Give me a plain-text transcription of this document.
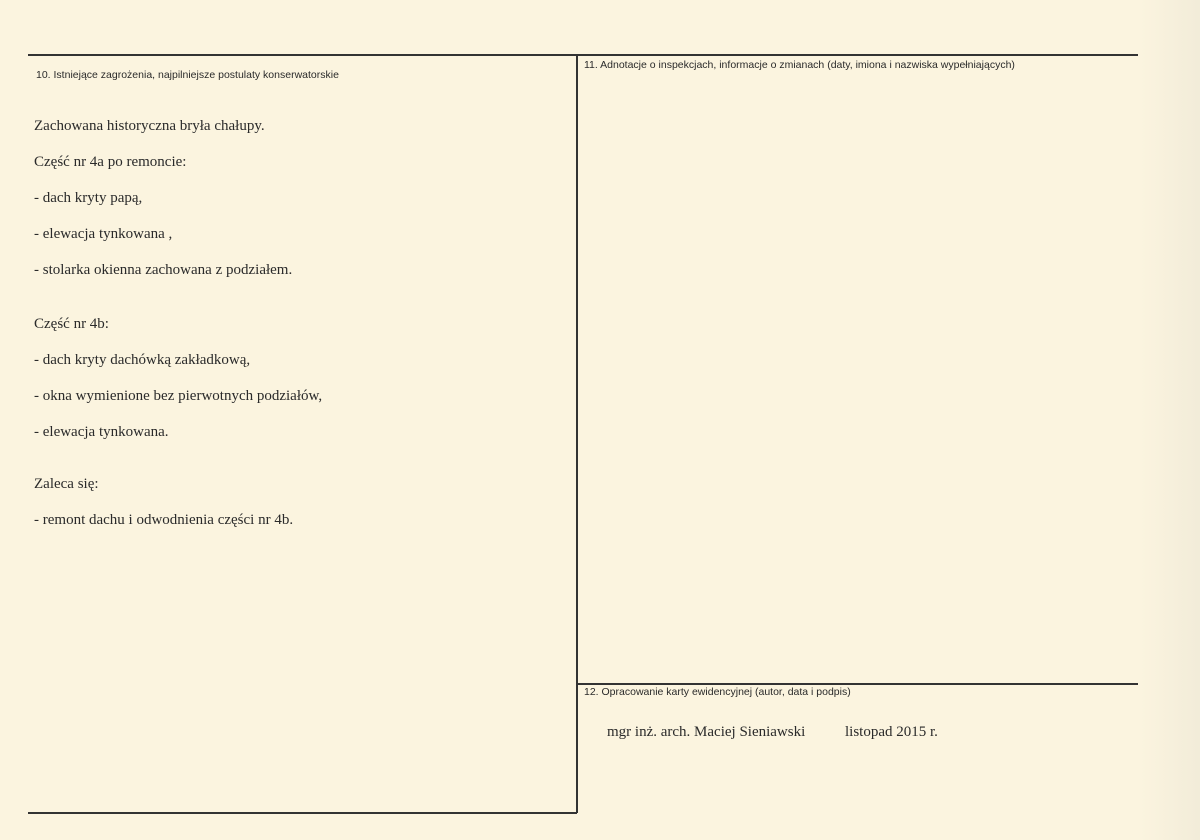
10. Istniejące zagrożenia, najpilniejsze postulaty konserwatorskie
11. Adnotacje o inspekcjach, informacje o zmianach (daty, imiona i nazwiska wypełniających)
12. Opracowanie karty ewidencyjnej (autor, data i podpis)
Zachowana historyczna bryła chałupy.
Część nr 4a po remoncie:
- dach kryty papą,
- elewacja tynkowana ,
- stolarka okienna zachowana z podziałem.
Część nr 4b:
- dach kryty dachówką zakładkową,
- okna wymienione bez pierwotnych podziałów,
- elewacja tynkowana.
Zaleca się:
- remont dachu i odwodnienia części nr 4b.
mgr inż. arch. Maciej Sieniawski	listopad 2015 r.
